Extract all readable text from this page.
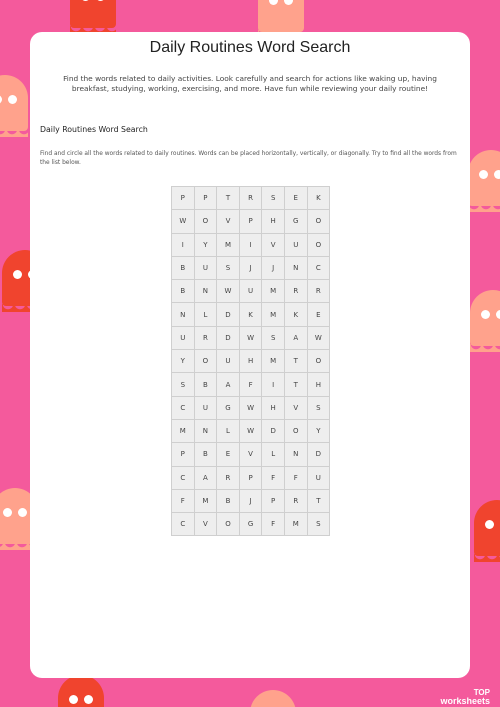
Daily Routines Word Search
Find the words related to daily activities. Look carefully and search for actions like waking up, having breakfast, studying, working, exercising, and more. Have fun while reviewing your daily routine!
Daily Routines Word Search
Find and circle all the words related to daily routines. Words can be placed horizontally, vertically, or diagonally. Try to find all the words from the list below.
P	P	T	R	S	E	K
W	O	V	P	H	G	O
I	Y	M	I	V	U	O
B	U	S	J	J	N	C
B	N	W	U	M	R	R
N	L	D	K	M	K	E
U	R	D	W	S	A	W
Y	O	U	H	M	T	O
S	B	A	F	I	T	H
C	U	G	W	H	V	S
M	N	L	W	D	O	Y
P	B	E	V	L	N	D
C	A	R	P	F	F	U
F	M	B	J	P	R	T
C	V	O	G	F	M	S
TOP
worksheets
